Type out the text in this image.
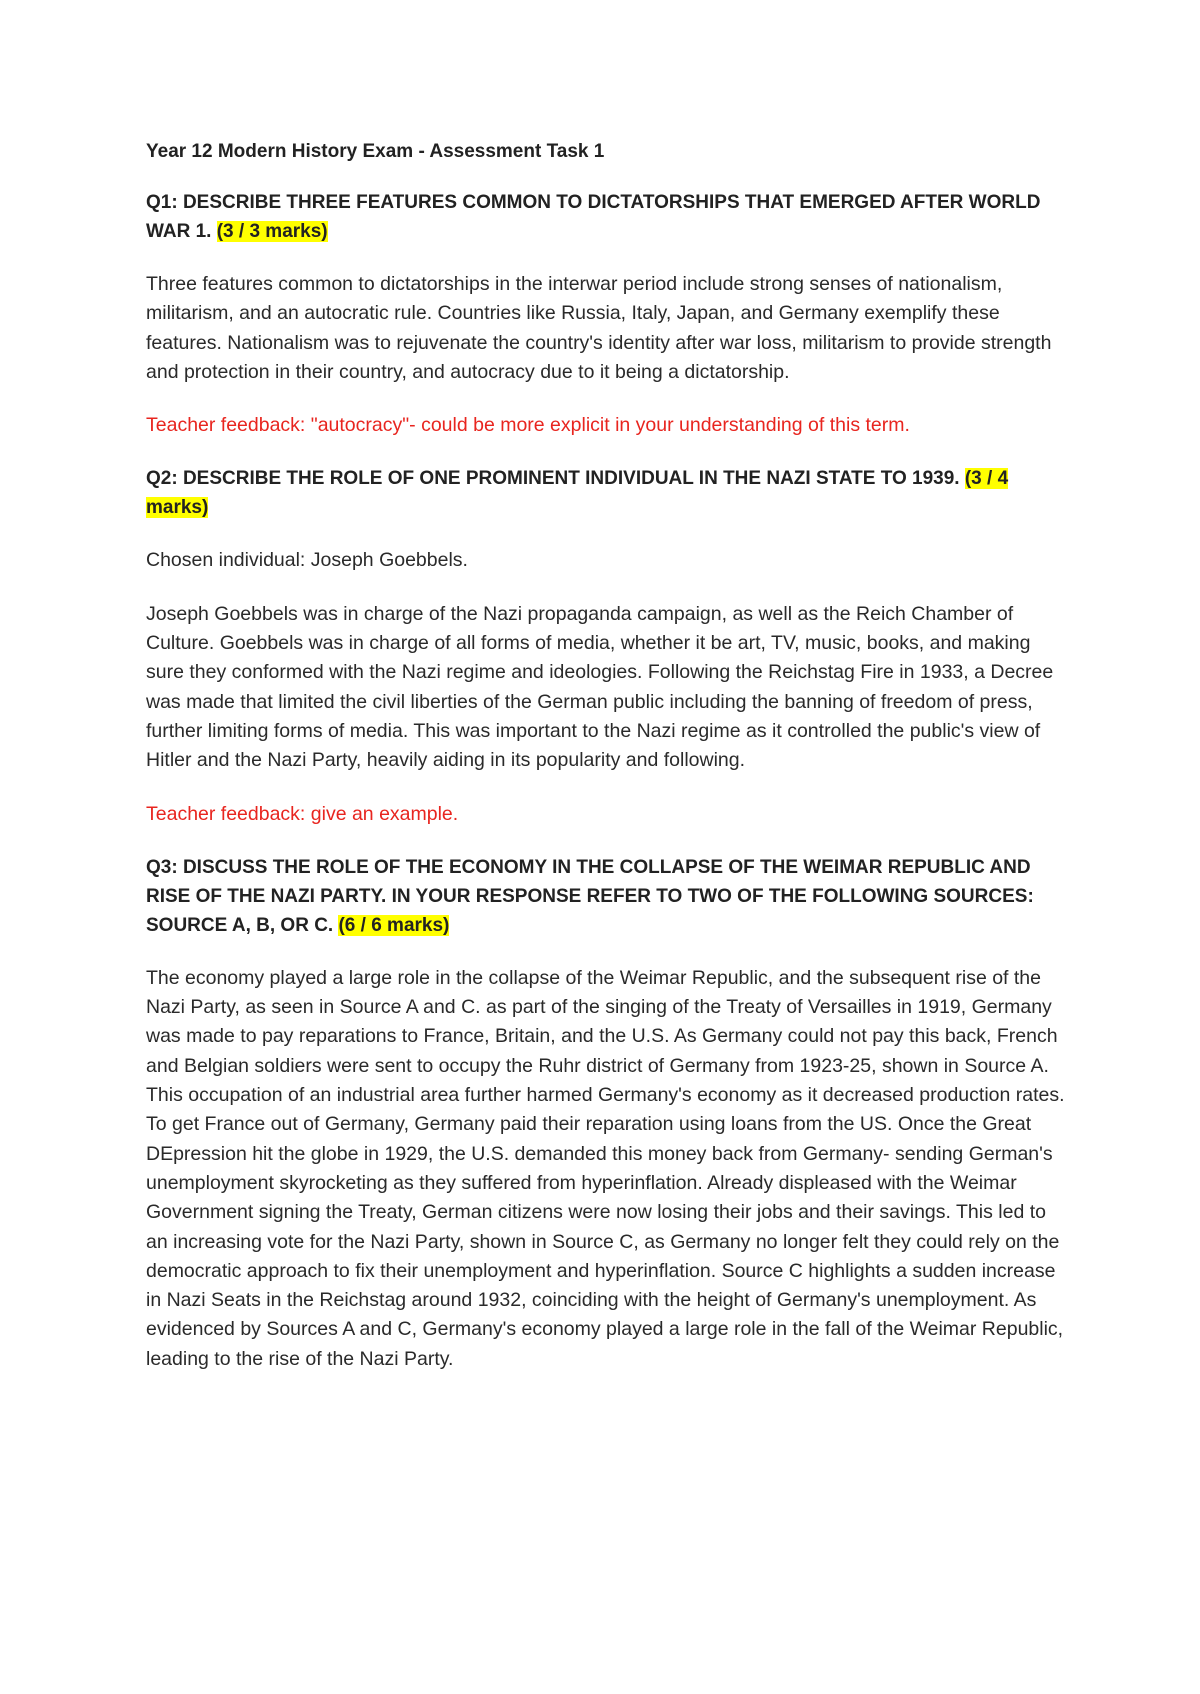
Year 12 Modern History Exam - Assessment Task 1
Q1: DESCRIBE THREE FEATURES COMMON TO DICTATORSHIPS THAT EMERGED AFTER WORLD WAR 1. (3 / 3 marks)
Three features common to dictatorships in the interwar period include strong senses of nationalism, militarism, and an autocratic rule. Countries like Russia, Italy, Japan, and Germany exemplify these features. Nationalism was to rejuvenate the country's identity after war loss, militarism to provide strength and protection in their country, and autocracy due to it being a dictatorship.
Teacher feedback: "autocracy"- could be more explicit in your understanding of this term.
Q2: DESCRIBE THE ROLE OF ONE PROMINENT INDIVIDUAL IN THE NAZI STATE TO 1939. (3 / 4 marks)
Chosen individual: Joseph Goebbels.
Joseph Goebbels was in charge of the Nazi propaganda campaign, as well as the Reich Chamber of Culture. Goebbels was in charge of all forms of media, whether it be art, TV, music, books, and making sure they conformed with the Nazi regime and ideologies. Following the Reichstag Fire in 1933, a Decree was made that limited the civil liberties of the German public including the banning of freedom of press, further limiting forms of media. This was important to the Nazi regime as it controlled the public's view of Hitler and the Nazi Party, heavily aiding in its popularity and following.
Teacher feedback: give an example.
Q3: DISCUSS THE ROLE OF THE ECONOMY IN THE COLLAPSE OF THE WEIMAR REPUBLIC AND RISE OF THE NAZI PARTY. IN YOUR RESPONSE REFER TO TWO OF THE FOLLOWING SOURCES: SOURCE A, B, OR C. (6 / 6 marks)
The economy played a large role in the collapse of the Weimar Republic, and the subsequent rise of the Nazi Party, as seen in Source A and C. as part of the singing of the Treaty of Versailles in 1919, Germany was made to pay reparations to France, Britain, and the U.S. As Germany could not pay this back, French and Belgian soldiers were sent to occupy the Ruhr district of Germany from 1923-25, shown in Source A. This occupation of an industrial area further harmed Germany's economy as it decreased production rates. To get France out of Germany, Germany paid their reparation using loans from the US. Once the Great DEpression hit the globe in 1929, the U.S. demanded this money back from Germany- sending German's unemployment skyrocketing as they suffered from hyperinflation. Already displeased with the Weimar Government signing the Treaty, German citizens were now losing their jobs and their savings. This led to an increasing vote for the Nazi Party, shown in Source C, as Germany no longer felt they could rely on the democratic approach to fix their unemployment and hyperinflation. Source C highlights a sudden increase in Nazi Seats in the Reichstag around 1932, coinciding with the height of Germany's unemployment. As evidenced by Sources A and C, Germany's economy played a large role in the fall of the Weimar Republic, leading to the rise of the Nazi Party.
